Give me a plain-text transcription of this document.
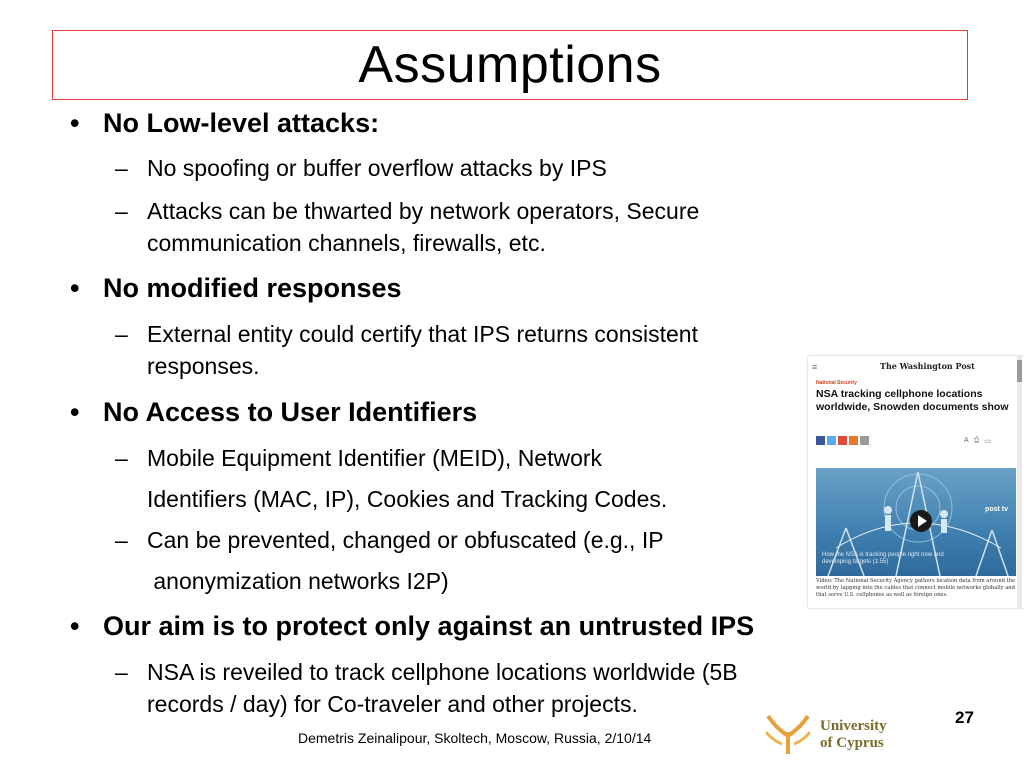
Assumptions
• No Low-level attacks:
– No spoofing or buffer overflow attacks by IPS
– Attacks can be thwarted by network operators, Secure
communication channels, firewalls, etc.
• No modified responses
– External entity could certify that IPS returns consistent
responses.
• No Access to User Identifiers
– Mobile Equipment Identifier (MEID), Network
Identifiers (MAC, IP), Cookies and Tracking Codes.
– Can be prevented, changed or obfuscated (e.g., IP
anonymization networks I2P)
• Our aim is to protect only against an untrusted IPS
– NSA is reveiled to track cellphone locations worldwide (5B
records / day) for Co-traveler and other projects.
≡	The Washington Post
National Security
NSA tracking cellphone locations worldwide, Snowden documents show
A ⎙ ▭
post tv
How the NSA is tracking people right now and developing targets (1:55)
Video: The National Security Agency gathers location data from around the world by tapping into the cables that connect mobile networks globally and that serve U.S. cellphones as well as foreign ones.
27
University
of Cyprus
Demetris Zeinalipour, Skoltech, Moscow, Russia, 2/10/14
